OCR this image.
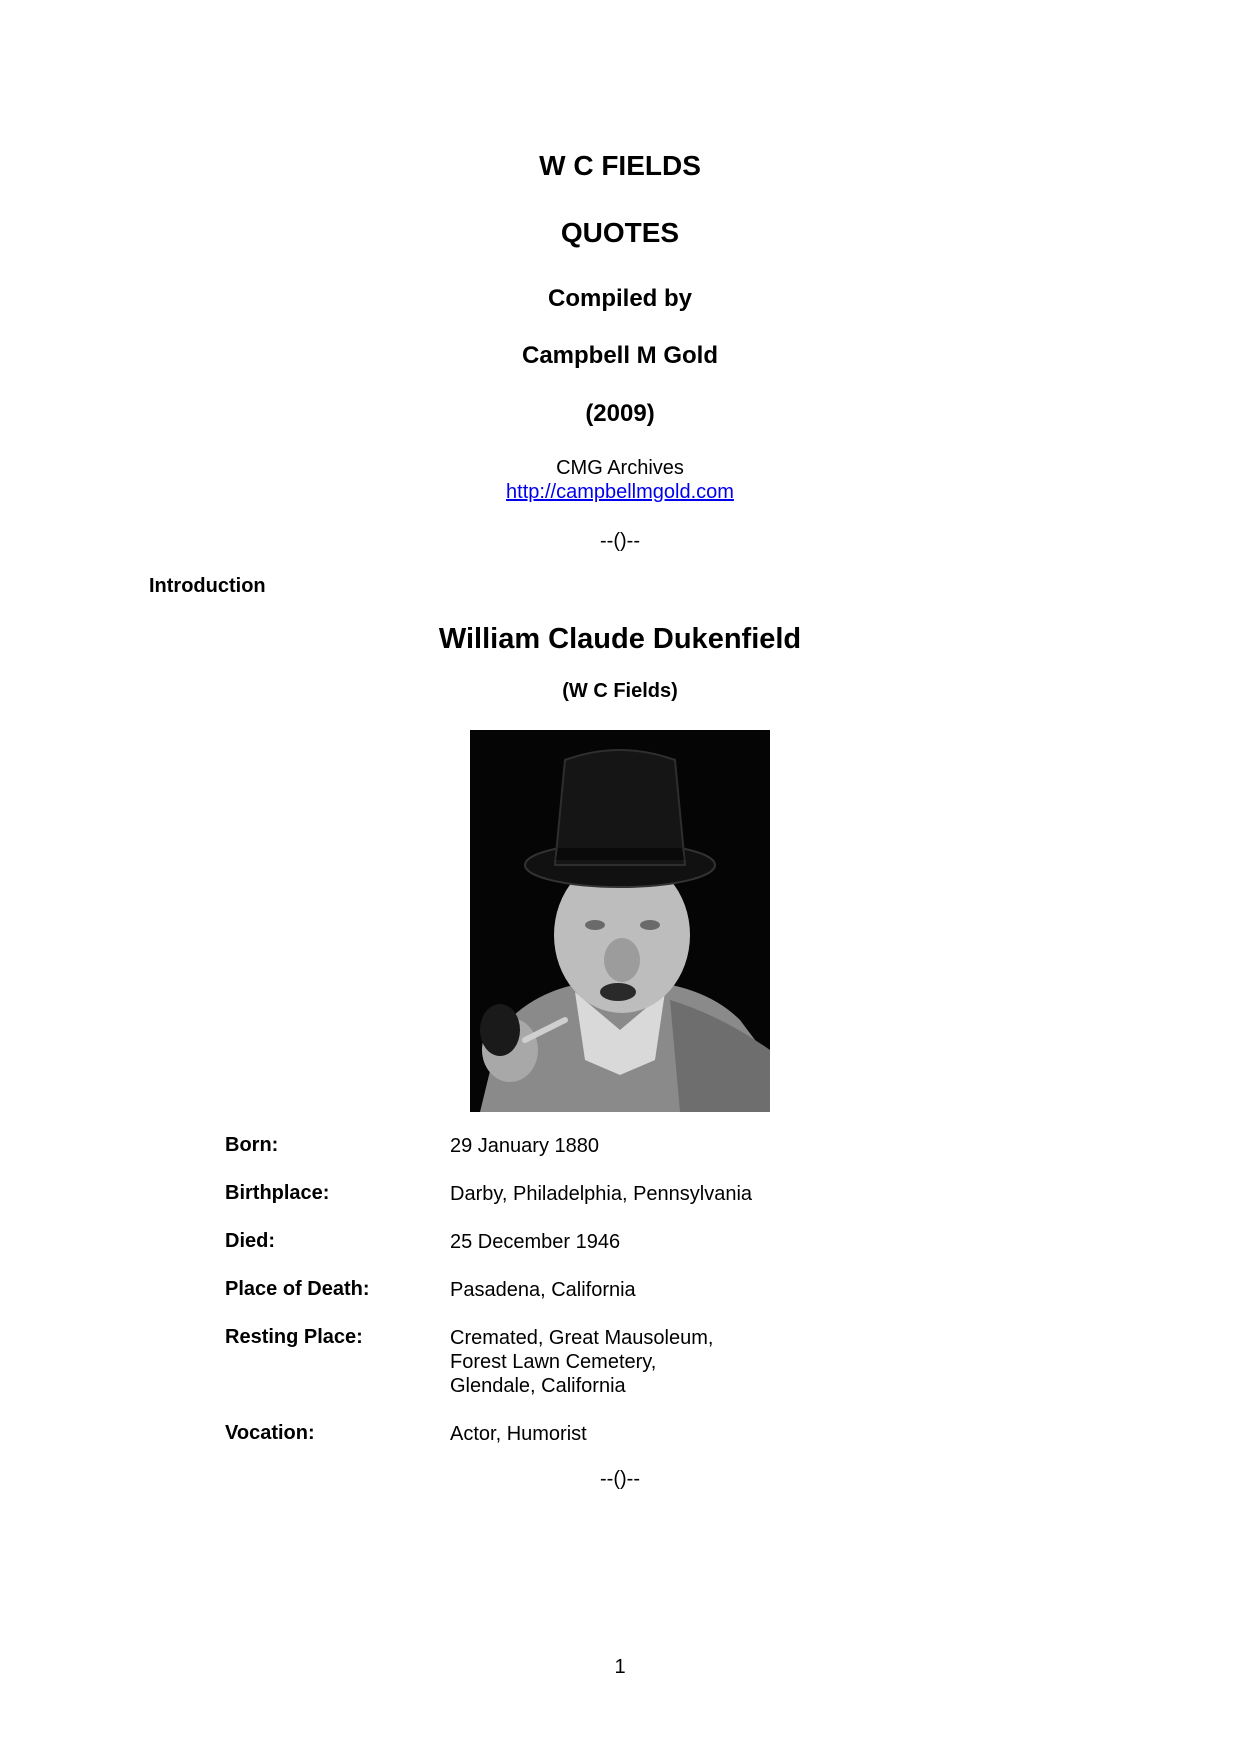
W C FIELDS
QUOTES
Compiled by
Campbell M Gold
(2009)
CMG Archives
http://campbellmgold.com
--()--
Introduction
William Claude Dukenfield
(W C Fields)
Born:	29 January 1880
Birthplace:	Darby, Philadelphia, Pennsylvania
Died:	25 December 1946
Place of Death:	Pasadena, California
Resting Place:	Cremated, Great Mausoleum,
Forest Lawn Cemetery,
Glendale, California
Vocation:	Actor, Humorist
--()--
1
